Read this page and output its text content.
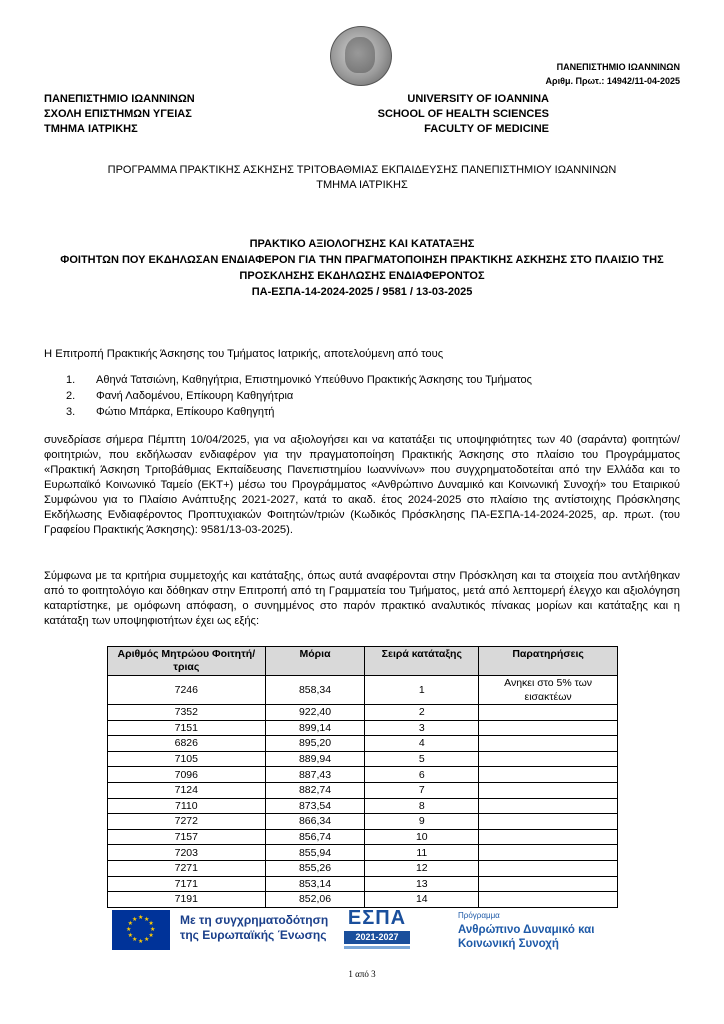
ΠΑΝΕΠΙΣΤΗΜΙΟ ΙΩΑΝΝΙΝΩΝ
Αριθμ. Πρωτ.: 14942/11-04-2025
ΠΑΝΕΠΙΣΤΗΜΙΟ ΙΩΑΝΝΙΝΩΝ
ΣΧΟΛΗ ΕΠΙΣΤΗΜΩΝ ΥΓΕΙΑΣ
ΤΜΗΜΑ ΙΑΤΡΙΚΗΣ
UNIVERSITY OF IOANNINA
SCHOOL OF HEALTH SCIENCES
FACULTY OF MEDICINE
ΠΡΟΓΡΑΜΜΑ ΠΡΑΚΤΙΚΗΣ ΑΣΚΗΣΗΣ ΤΡΙΤΟΒΑΘΜΙΑΣ ΕΚΠΑΙΔΕΥΣΗΣ ΠΑΝΕΠΙΣΤΗΜΙΟΥ ΙΩΑΝΝΙΝΩΝ
ΤΜΗΜΑ ΙΑΤΡΙΚΗΣ
ΠΡΑΚΤΙΚΟ ΑΞΙΟΛΟΓΗΣΗΣ ΚΑΙ ΚΑΤΑΤΑΞΗΣ
ΦΟΙΤΗΤΩΝ ΠΟΥ ΕΚΔΗΛΩΣΑΝ ΕΝΔΙΑΦΕΡΟΝ ΓΙΑ ΤΗΝ ΠΡΑΓΜΑΤΟΠΟΙΗΣΗ ΠΡΑΚΤΙΚΗΣ ΑΣΚΗΣΗΣ ΣΤΟ ΠΛΑΙΣΙΟ ΤΗΣ
ΠΡΟΣΚΛΗΣΗΣ ΕΚΔΗΛΩΣΗΣ ΕΝΔΙΑΦΕΡΟΝΤΟΣ
ΠΑ-ΕΣΠΑ-14-2024-2025 / 9581 / 13-03-2025
Η Επιτροπή Πρακτικής Άσκησης του Τμήματος Ιατρικής, αποτελούμενη από τους
1. Αθηνά Τατσιώνη, Καθηγήτρια, Επιστημονικό Υπεύθυνο Πρακτικής Άσκησης του Τμήματος
2. Φανή Λαδομένου, Επίκουρη Καθηγήτρια
3. Φώτιο Μπάρκα, Επίκουρο Καθηγητή
συνεδρίασε σήμερα Πέμπτη 10/04/2025, για να αξιολογήσει και να κατατάξει τις υποψηφιότητες των 40 (σαράντα) φοιτητών/φοιτητριών, που εκδήλωσαν ενδιαφέρον για την πραγματοποίηση Πρακτικής Άσκησης στο πλαίσιο του Προγράμματος «Πρακτική Άσκηση Τριτοβάθμιας Εκπαίδευσης Πανεπιστημίου Ιωαννίνων» που συγχρηματοδοτείται από την Ελλάδα και το Ευρωπαϊκό Κοινωνικό Ταμείο (ΕΚΤ+) μέσω του Προγράμματος «Ανθρώπινο Δυναμικό και Κοινωνική Συνοχή» του Εταιρικού Συμφώνου για το Πλαίσιο Ανάπτυξης 2021-2027, κατά το ακαδ. έτος 2024-2025 στο πλαίσιο της αντίστοιχης Πρόσκλησης Εκδήλωσης Ενδιαφέροντος Προπτυχιακών Φοιτητών/τριών (Κωδικός Πρόσκλησης ΠΑ-ΕΣΠΑ-14-2024-2025, αρ. πρωτ. (του Γραφείου Πρακτικής Άσκησης): 9581/13-03-2025).
Σύμφωνα με τα κριτήρια συμμετοχής και κατάταξης, όπως αυτά αναφέρονται στην Πρόσκληση και τα στοιχεία που αντλήθηκαν από το φοιτητολόγιο και δόθηκαν στην Επιτροπή από τη Γραμματεία του Τμήματος, μετά από λεπτομερή έλεγχο και αξιολόγηση καταρτίστηκε, με ομόφωνη απόφαση, ο συνημμένος στο παρόν πρακτικό αναλυτικός πίνακας μορίων και κατάταξης και η κατάταξη των υποψηφιοτήτων έχει ως εξής:
Αριθμός Μητρώου Φοιτητή/τριας	Μόρια	Σειρά κατάταξης	Παρατηρήσεις
7246	858,34	1	Ανηκει στο 5% των εισακτέων
7352	922,40	2	
7151	899,14	3	
6826	895,20	4	
7105	889,94	5	
7096	887,43	6	
7124	882,74	7	
7110	873,54	8	
7272	866,34	9	
7157	856,74	10	
7203	855,94	11	
7271	855,26	12	
7171	853,14	13	
7191	852,06	14	
★
★
★
★
★
★
★
★
★ ★ ★
★ Με τη συγχρηματοδότηση
της Ευρωπαϊκής Ένωσης
ΕΣΠΑ
2021-2027
Πρόγραμμα
Ανθρώπινο Δυναμικό και
Κοινωνική Συνοχή
1 από 3
